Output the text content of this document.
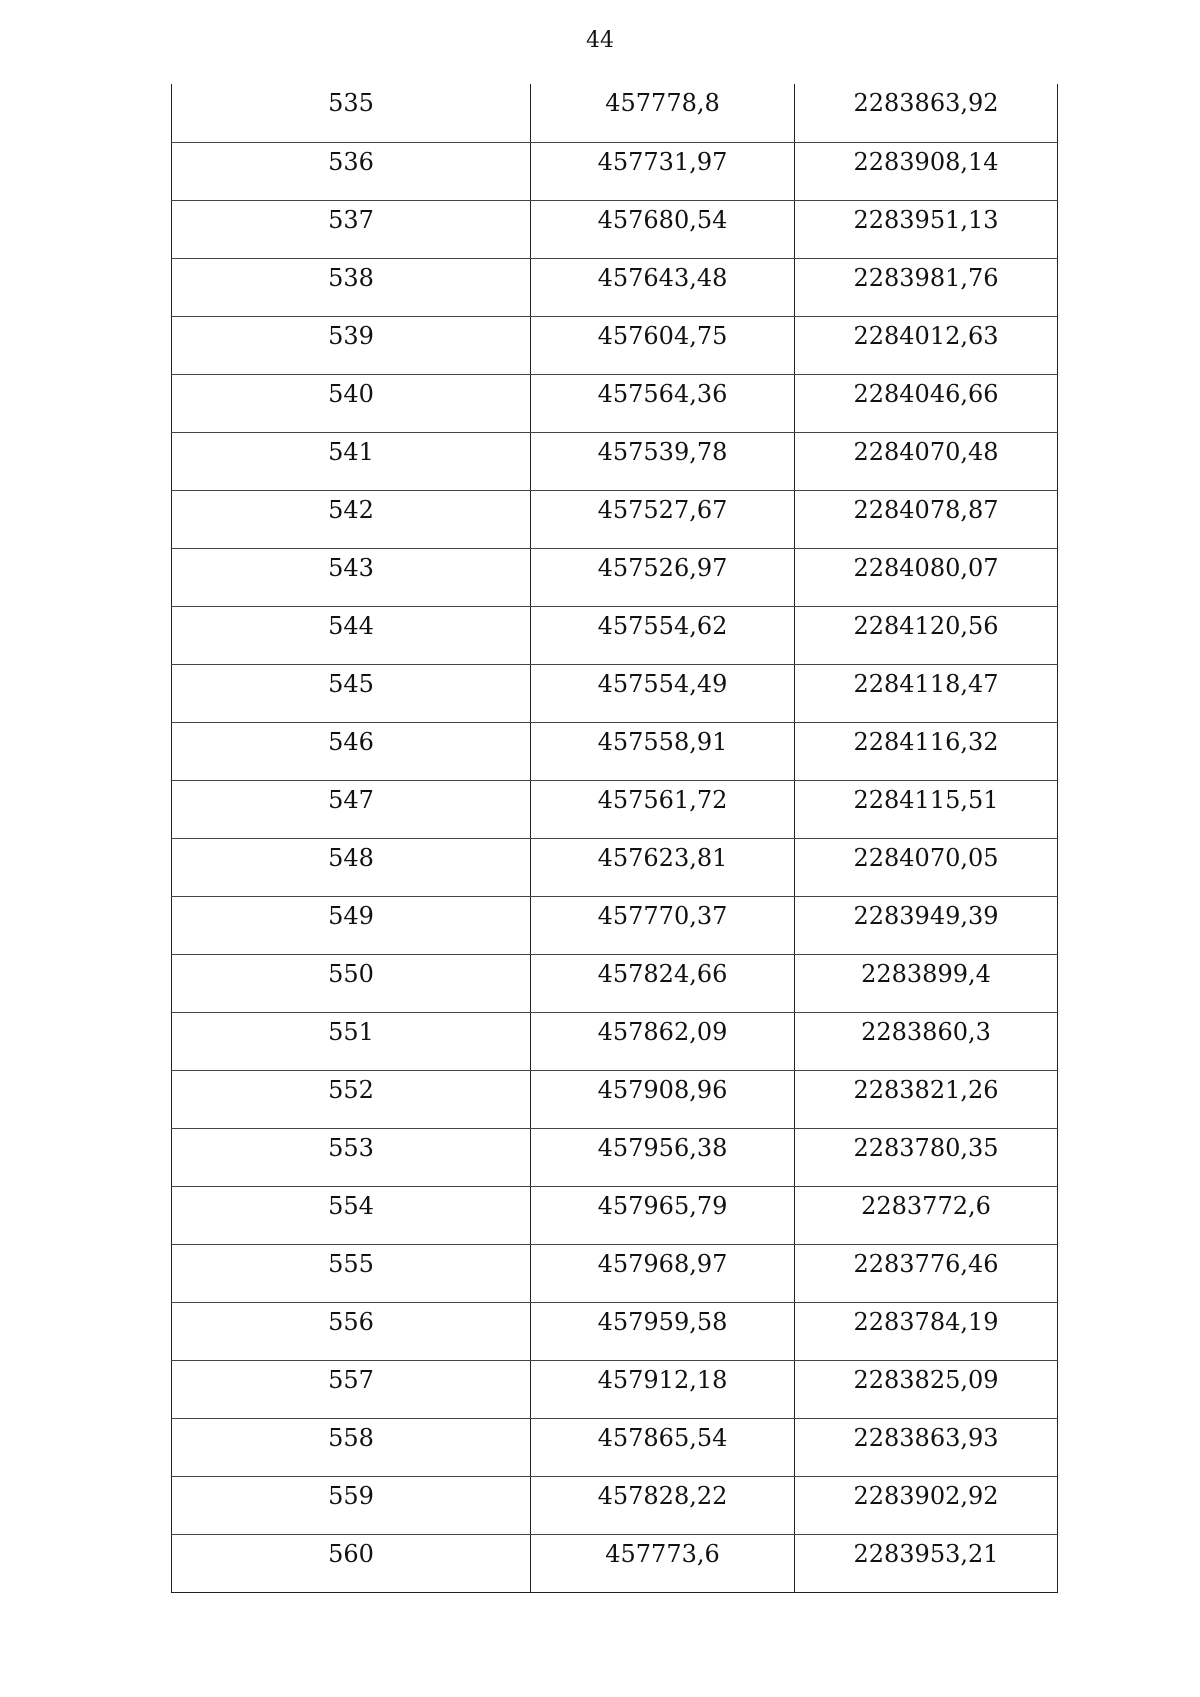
44
535	457778,8	2283863,92
536	457731,97	2283908,14
537	457680,54	2283951,13
538	457643,48	2283981,76
539	457604,75	2284012,63
540	457564,36	2284046,66
541	457539,78	2284070,48
542	457527,67	2284078,87
543	457526,97	2284080,07
544	457554,62	2284120,56
545	457554,49	2284118,47
546	457558,91	2284116,32
547	457561,72	2284115,51
548	457623,81	2284070,05
549	457770,37	2283949,39
550	457824,66	2283899,4
551	457862,09	2283860,3
552	457908,96	2283821,26
553	457956,38	2283780,35
554	457965,79	2283772,6
555	457968,97	2283776,46
556	457959,58	2283784,19
557	457912,18	2283825,09
558	457865,54	2283863,93
559	457828,22	2283902,92
560	457773,6	2283953,21
